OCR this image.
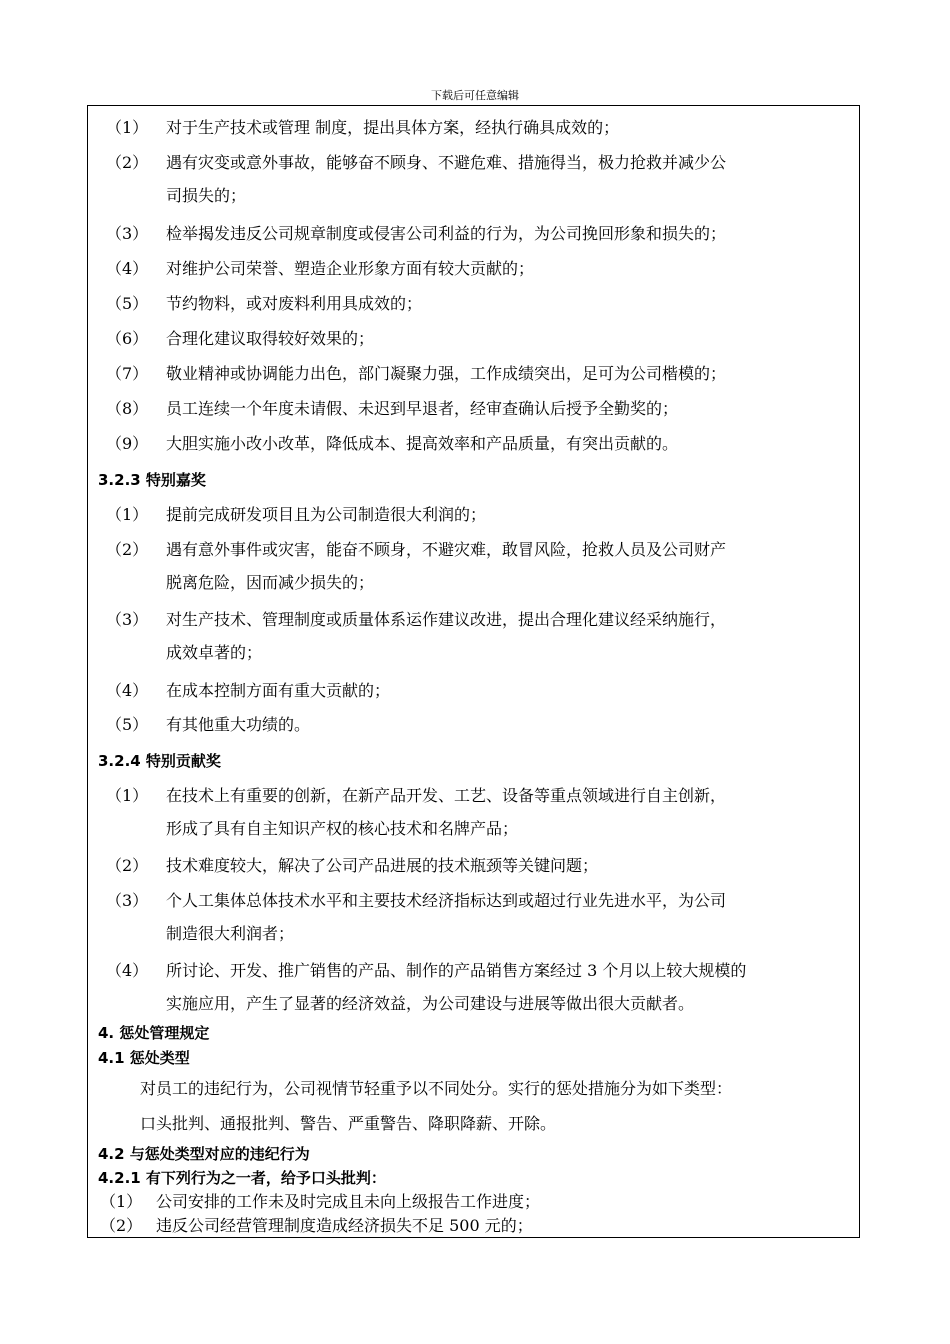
下载后可任意编辑
（1） 对于生产技术或管理 制度，提出具体方案，经执行确具成效的；
（2） 遇有灾变或意外事故，能够奋不顾身、不避危难、措施得当，极力抢救并减少公
司损失的；
（3） 检举揭发违反公司规章制度或侵害公司利益的行为，为公司挽回形象和损失的；
（4） 对维护公司荣誉、塑造企业形象方面有较大贡献的；
（5） 节约物料，或对废料利用具成效的；
（6） 合理化建议取得较好效果的；
（7） 敬业精神或协调能力出色，部门凝聚力强，工作成绩突出，足可为公司楷模的；
（8） 员工连续一个年度未请假、未迟到早退者，经审查确认后授予全勤奖的；
（9） 大胆实施小改小改革，降低成本、提高效率和产品质量，有突出贡献的。
3.2.3 特别嘉奖
（1） 提前完成研发项目且为公司制造很大利润的；
（2） 遇有意外事件或灾害，能奋不顾身，不避灾难，敢冒风险，抢救人员及公司财产
脱离危险，因而减少损失的；
（3） 对生产技术、管理制度或质量体系运作建议改进，提出合理化建议经采纳施行，
成效卓著的；
（4） 在成本控制方面有重大贡献的；
（5） 有其他重大功绩的。
3.2.4 特别贡献奖
（1） 在技术上有重要的创新，在新产品开发、工艺、设备等重点领域进行自主创新，
形成了具有自主知识产权的核心技术和名牌产品；
（2） 技术难度较大，解决了公司产品进展的技术瓶颈等关键问题；
（3） 个人工集体总体技术水平和主要技术经济指标达到或超过行业先进水平，为公司
制造很大利润者；
（4） 所讨论、开发、推广销售的产品、制作的产品销售方案经过 3 个月以上较大规模的
实施应用，产生了显著的经济效益，为公司建设与进展等做出很大贡献者。
4. 惩处管理规定
4.1 惩处类型
对员工的违纪行为，公司视情节轻重予以不同处分。实行的惩处措施分为如下类型：
口头批判、通报批判、警告、严重警告、降职降薪、开除。
4.2 与惩处类型对应的违纪行为
4.2.1 有下列行为之一者，给予口头批判：
（1） 公司安排的工作未及时完成且未向上级报告工作进度；
（2） 违反公司经营管理制度造成经济损失不足 500 元的；
